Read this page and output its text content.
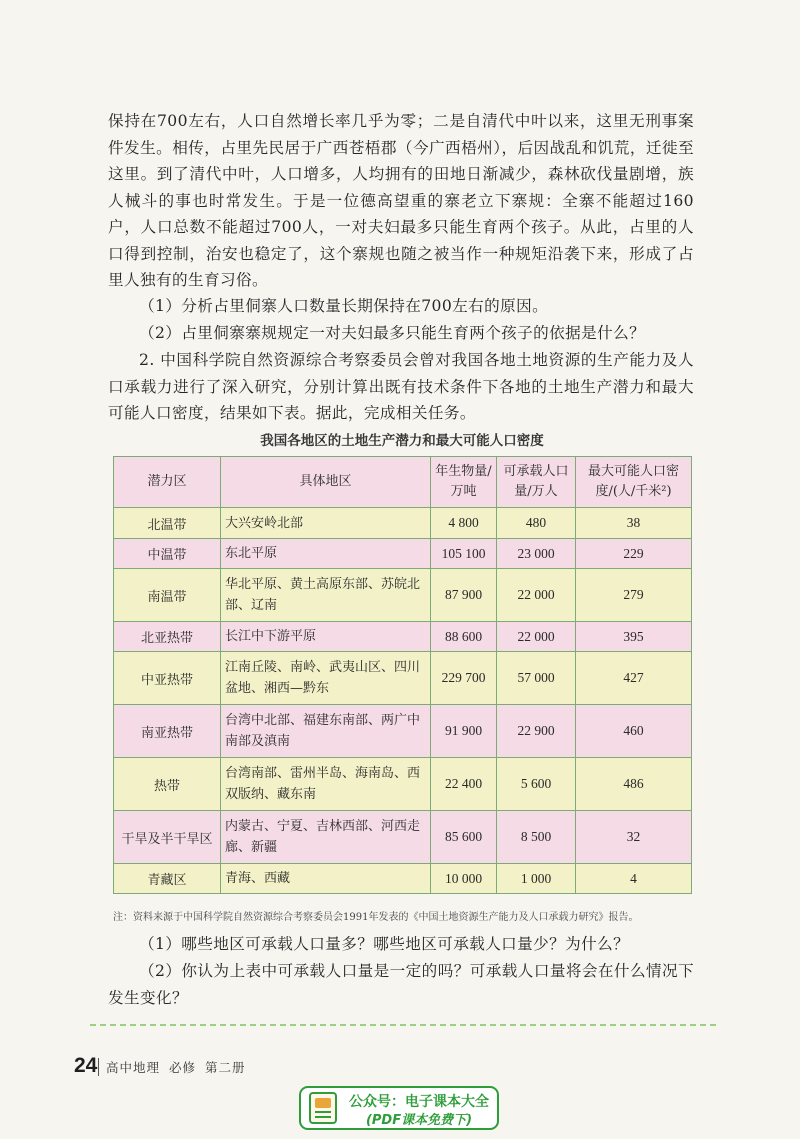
保持在700左右，人口自然增长率几乎为零；二是自清代中叶以来，这里无刑事案件发生。相传，占里先民居于广西苍梧郡（今广西梧州），后因战乱和饥荒，迁徙至这里。到了清代中叶，人口增多，人均拥有的田地日渐减少，森林砍伐量剧增，族人械斗的事也时常发生。于是一位德高望重的寨老立下寨规：全寨不能超过160户，人口总数不能超过700人，一对夫妇最多只能生育两个孩子。从此，占里的人口得到控制，治安也稳定了，这个寨规也随之被当作一种规矩沿袭下来，形成了占里人独有的生育习俗。

（1）分析占里侗寨人口数量长期保持在700左右的原因。

（2）占里侗寨寨规规定一对夫妇最多只能生育两个孩子的依据是什么？

2. 中国科学院自然资源综合考察委员会曾对我国各地土地资源的生产能力及人口承载力进行了深入研究，分别计算出既有技术条件下各地的土地生产潜力和最大可能人口密度，结果如下表。据此，完成相关任务。

我国各地区的土地生产潜力和最大可能人口密度
潜力区	具体地区	年生物量/万吨	可承载人口量/万人	最大可能人口密度/(人/千米²)
北温带	大兴安岭北部	4 800	480	38
中温带	东北平原	105 100	23 000	229
南温带	华北平原、黄土高原东部、苏皖北部、辽南	87 900	22 000	279
北亚热带	长江中下游平原	88 600	22 000	395
中亚热带	江南丘陵、南岭、武夷山区、四川盆地、湘西—黔东	229 700	57 000	427
南亚热带	台湾中北部、福建东南部、两广中南部及滇南	91 900	22 900	460
热带	台湾南部、雷州半岛、海南岛、西双版纳、藏东南	22 400	5 600	486
干旱及半干旱区	内蒙古、宁夏、吉林西部、河西走廊、新疆	85 600	8 500	32
青藏区	青海、西藏	10 000	1 000	4
注：资料来源于中国科学院自然资源综合考察委员会1991年发表的《中国土地资源生产能力及人口承载力研究》报告。

（1）哪些地区可承载人口量多？哪些地区可承载人口量少？为什么？

（2）你认为上表中可承载人口量是一定的吗？可承载人口量将会在什么情况下发生变化？

24 高中地理 必修 第二册
公众号：电子课本大全
(PDF课本免费下)
